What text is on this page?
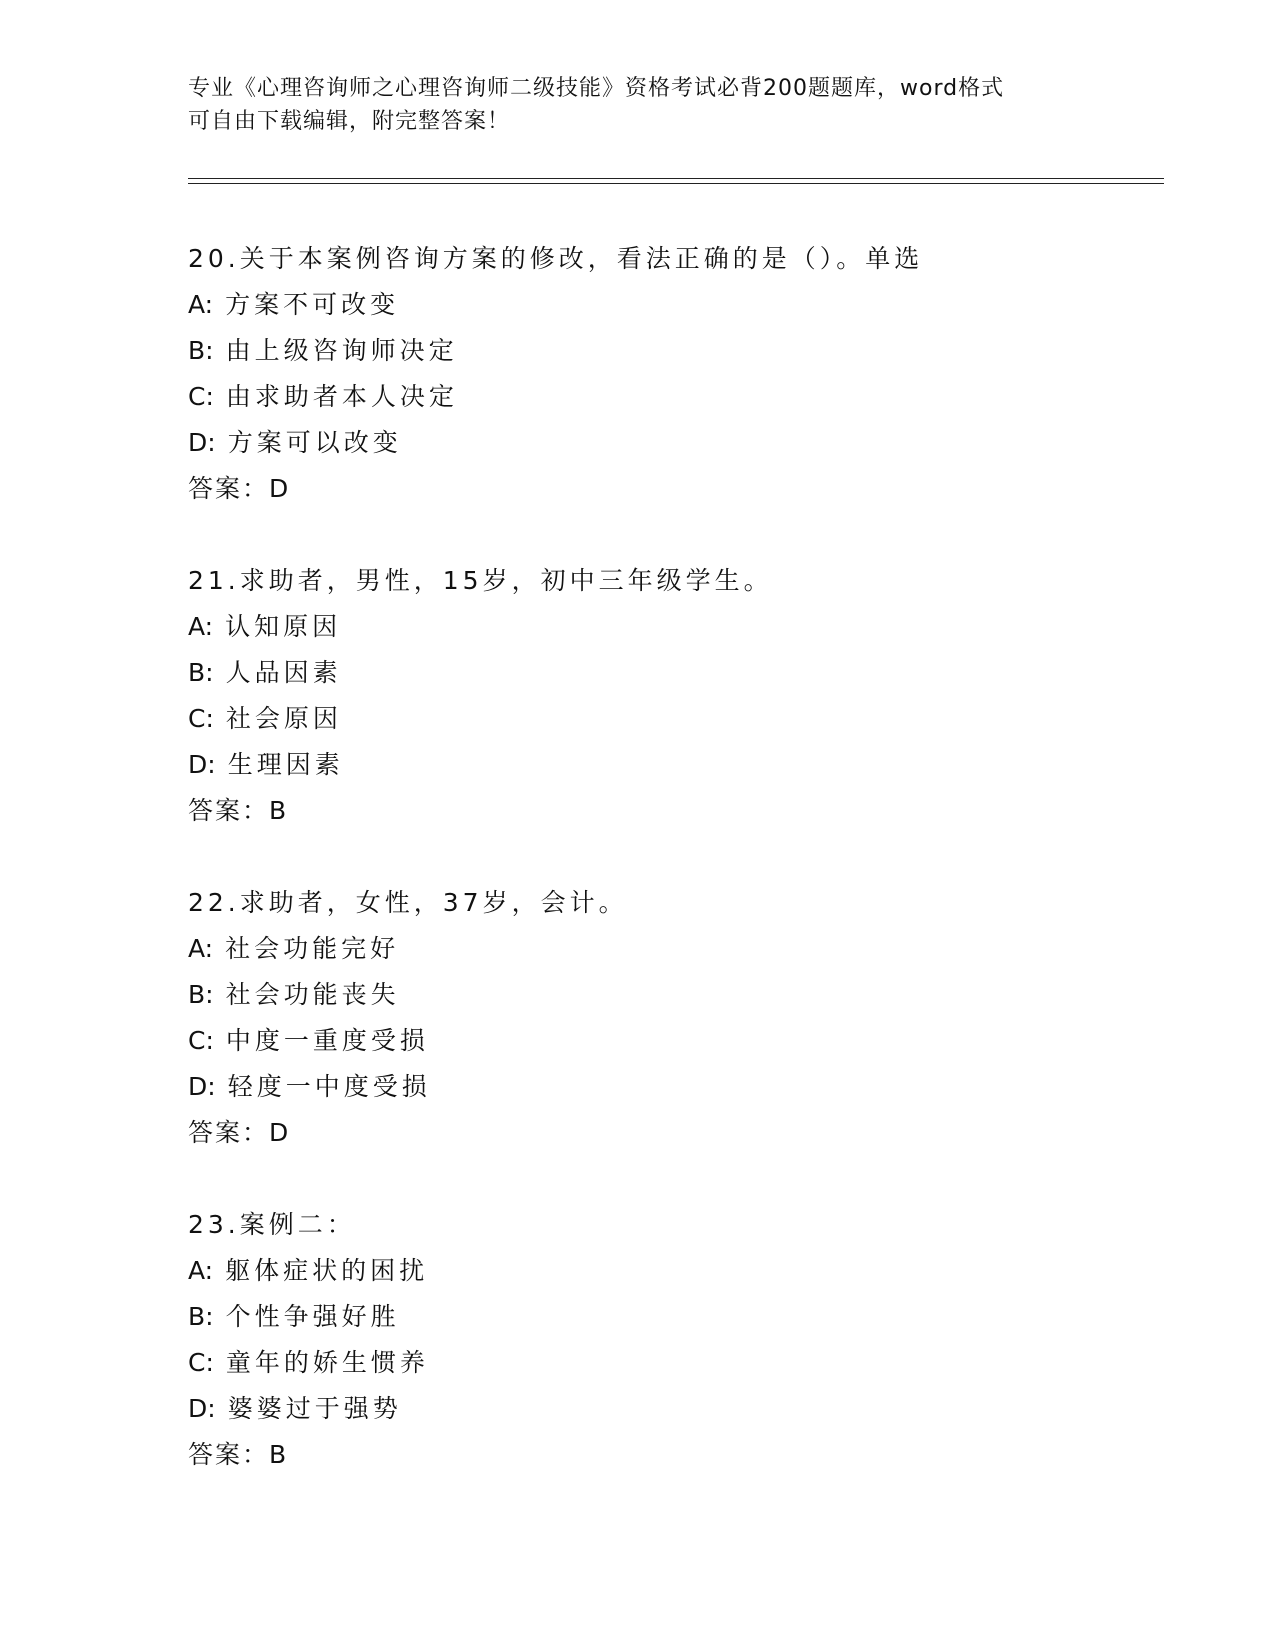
专业《心理咨询师之心理咨询师二级技能》资格考试必背200题题库，word格式
可自由下载编辑，附完整答案！
20.关于本案例咨询方案的修改，看法正确的是（）。单选
A: 方案不可改变
B: 由上级咨询师决定
C: 由求助者本人决定
D: 方案可以改变
答案：D
21.求助者，男性，15岁，初中三年级学生。
A: 认知原因
B: 人品因素
C: 社会原因
D: 生理因素
答案：B
22.求助者，女性，37岁，会计。
A: 社会功能完好
B: 社会功能丧失
C: 中度一重度受损
D: 轻度一中度受损
答案：D
23.案例二：
A: 躯体症状的困扰
B: 个性争强好胜
C: 童年的娇生惯养
D: 婆婆过于强势
答案：B
